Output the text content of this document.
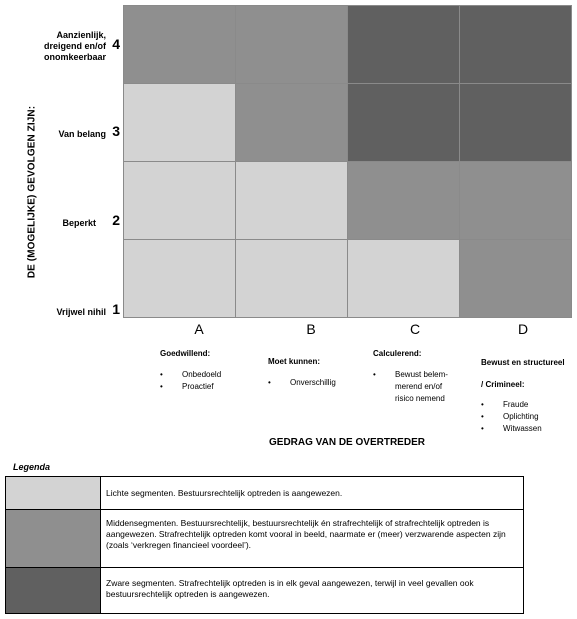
DE (MOGELIJKE) GEVOLGEN ZIJN:
Aanzienlijk,
dreigend en/of
onomkeerbaar
4
Van belang 3
Beperkt 2
Vrijwel nihil 1
A	B	C	D
Goedwillend:
• Onbedoeld
• Proactief
Moet kunnen:
• Onverschillig
Calculerend:
• Bewust belem-
merend en/of
risico nemend
Bewust en structureel

/ Crimineel:
• Fraude
• Oplichting
• Witwassen
GEDRAG VAN DE OVERTREDER
Legenda
Lichte segmenten. Bestuursrechtelijk optreden is aangewezen.
Middensegmenten. Bestuursrechtelijk, bestuursrechtelijk én strafrechtelijk of strafrechtelijk optreden is aangewezen. Strafrechtelijk optreden komt vooral in beeld, naarmate er (meer) verzwarende aspecten zijn (zoals ‘verkregen financieel voordeel’).
Zware segmenten. Strafrechtelijk optreden is in elk geval aangewezen, terwijl in veel gevallen ook bestuursrechtelijk optreden is aangewezen.
